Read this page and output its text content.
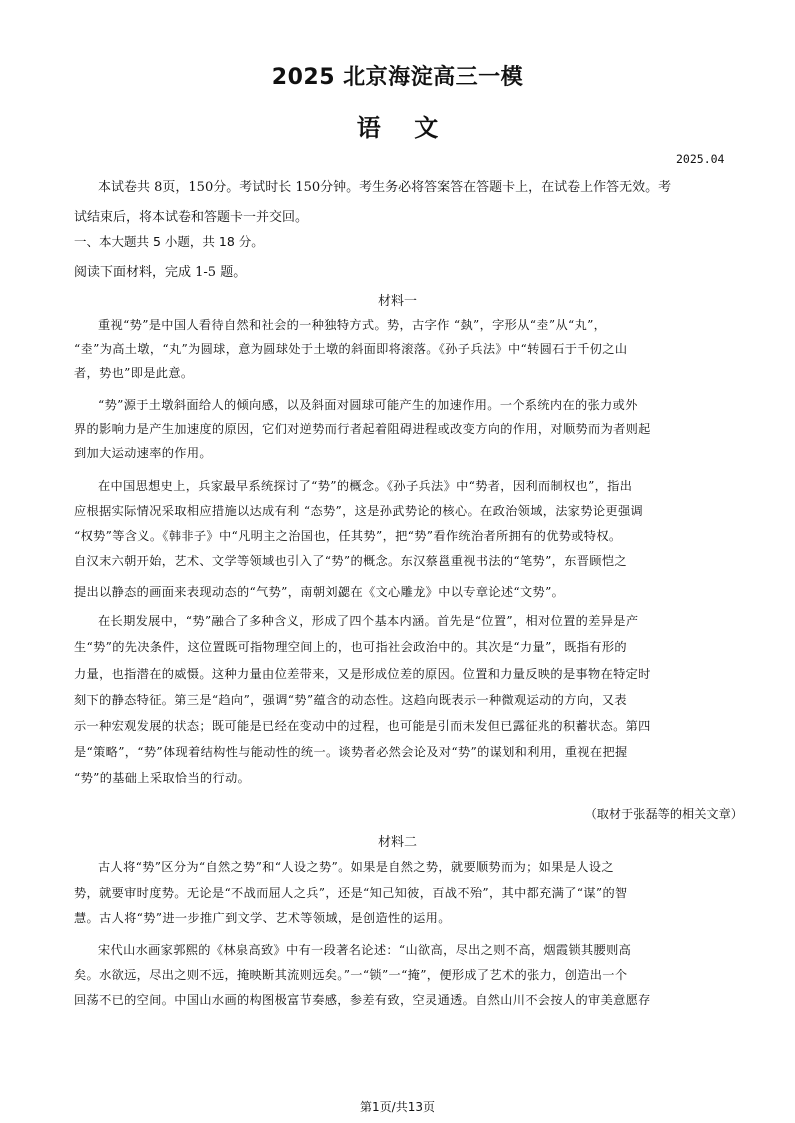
2025 北京海淀高三一模
语    文
2025.04
本试卷共 8页，150分。考试时长 150分钟。考生务必将答案答在答题卡上，在试卷上作答无效。考
试结束后，将本试卷和答题卡一并交回。
一、本大题共 5 小题，共 18 分。
阅读下面材料，完成 1-5 题。
材料一
重视“势”是中国人看待自然和社会的一种独特方式。势，古字作 “埶”，字形从“坴”从“丸”，
“坴”为高土墩，“丸”为圆球，意为圆球处于土墩的斜面即将滚落。《孙子兵法》中“转圆石于千仞之山
者，势也”即是此意。
“势”源于土墩斜面给人的倾向感，以及斜面对圆球可能产生的加速作用。一个系统内在的张力或外
界的影响力是产生加速度的原因，它们对逆势而行者起着阻碍进程或改变方向的作用，对顺势而为者则起
到加大运动速率的作用。
在中国思想史上，兵家最早系统探讨了“势”的概念。《孙子兵法》中“势者，因利而制权也”，指出
应根据实际情况采取相应措施以达成有利 “态势”，这是孙武势论的核心。在政治领域，法家势论更强调
“权势”等含义。《韩非子》中“凡明主之治国也，任其势”，把“势”看作统治者所拥有的优势或特权。
自汉末六朝开始，艺术、文学等领域也引入了“势”的概念。东汉蔡邕重视书法的“笔势”，东晋顾恺之
提出以静态的画面来表现动态的“气势”，南朝刘勰在《文心雕龙》中以专章论述“文势”。
在长期发展中，“势”融合了多种含义，形成了四个基本内涵。首先是“位置”，相对位置的差异是产
生“势”的先决条件，这位置既可指物理空间上的，也可指社会政治中的。其次是“力量”，既指有形的
力量，也指潜在的威慑。这种力量由位差带来，又是形成位差的原因。位置和力量反映的是事物在特定时
刻下的静态特征。第三是“趋向”，强调“势”蕴含的动态性。这趋向既表示一种微观运动的方向，又表
示一种宏观发展的状态；既可能是已经在变动中的过程，也可能是引而未发但已露征兆的积蓄状态。第四
是“策略”，“势”体现着结构性与能动性的统一。谈势者必然会论及对“势”的谋划和利用，重视在把握
“势”的基础上采取恰当的行动。
（取材于张磊等的相关文章）
材料二
古人将“势”区分为“自然之势”和“人设之势”。如果是自然之势，就要顺势而为；如果是人设之
势，就要审时度势。无论是“不战而屈人之兵”，还是“知己知彼，百战不殆”，其中都充满了“谋”的智
慧。古人将“势”进一步推广到文学、艺术等领域，是创造性的运用。
宋代山水画家郭熙的《林泉高致》中有一段著名论述：“山欲高，尽出之则不高，烟霞锁其腰则高
矣。水欲远，尽出之则不远，掩映断其流则远矣。”一“锁”一“掩”，便形成了艺术的张力，创造出一个
回荡不已的空间。中国山水画的构图极富节奏感，参差有致，空灵通透。自然山川不会按人的审美意愿存
第1页/共13页
